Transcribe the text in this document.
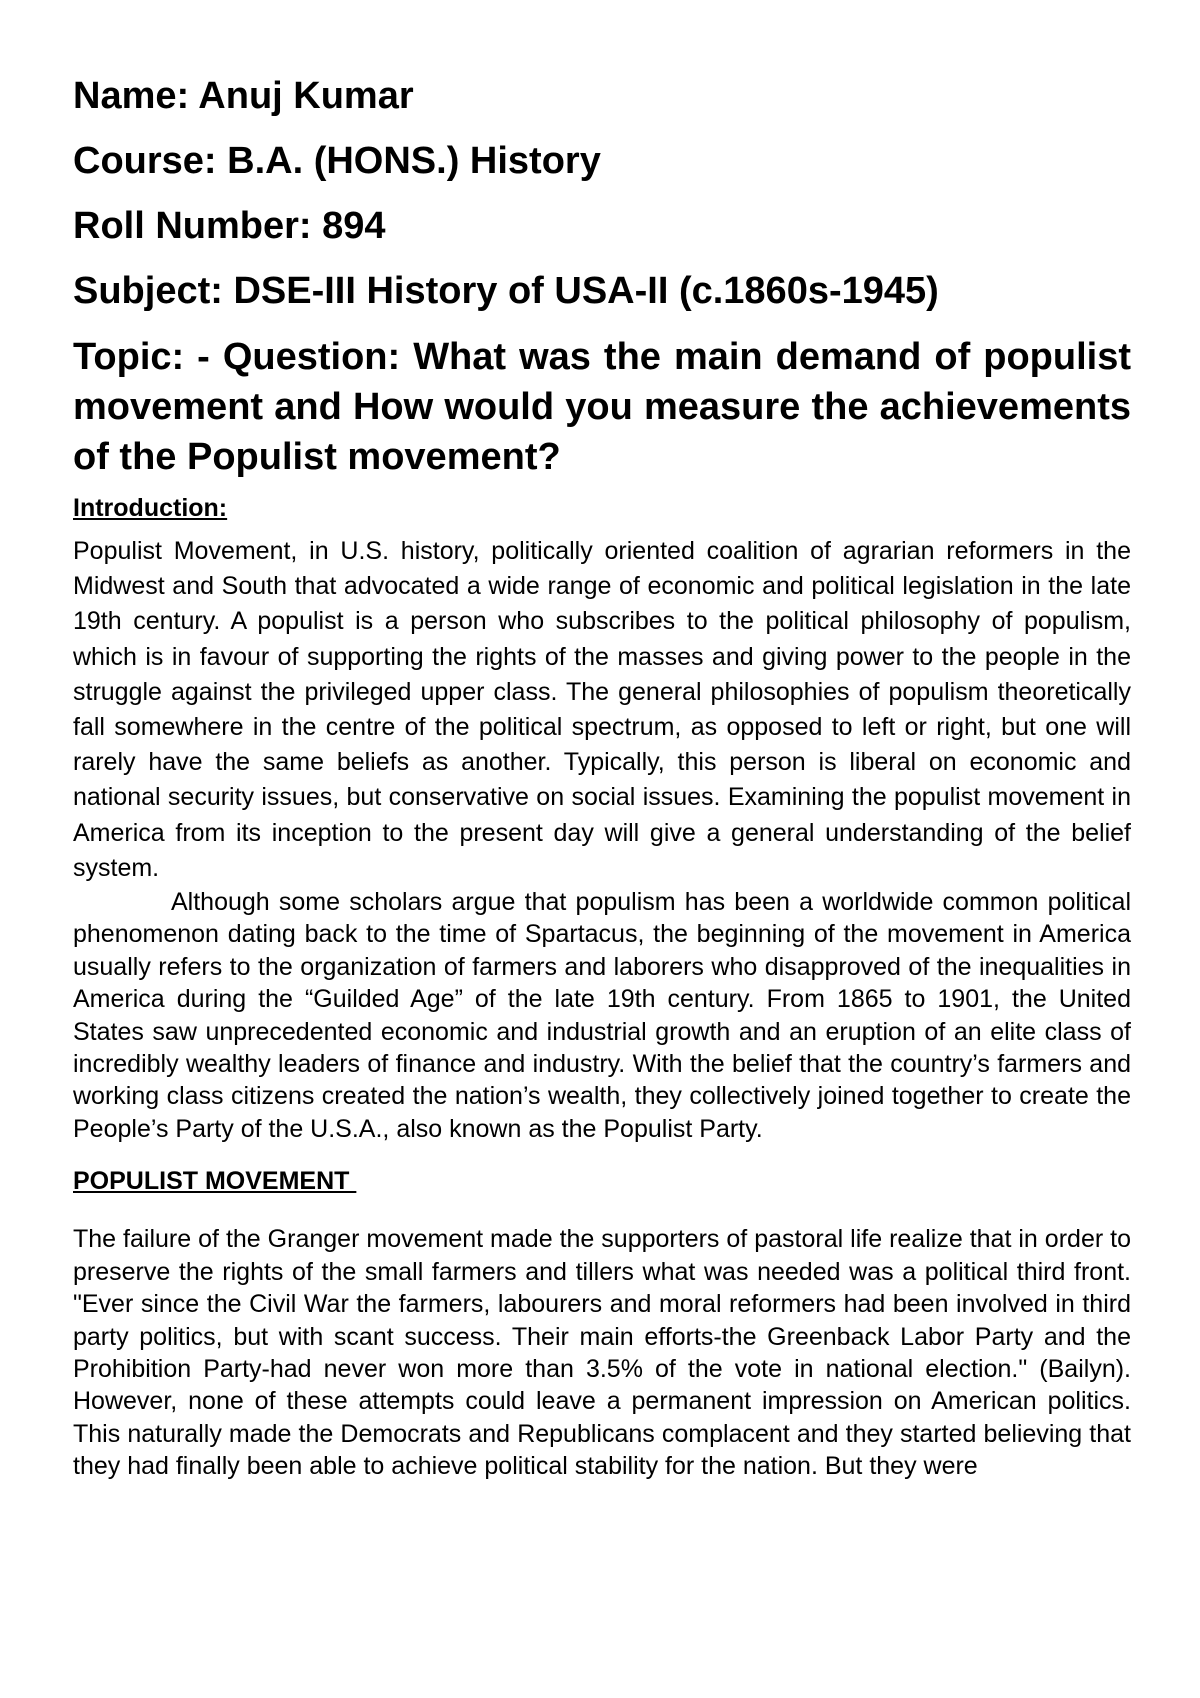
Name: Anuj Kumar

Course: B.A. (HONS.) History

Roll Number: 894

Subject: DSE-III History of USA-II (c.1860s-1945)

Topic: - Question: What was the main demand of populist movement and How would you measure the achievements of the Populist movement?

Introduction:

Populist Movement, in U.S. history, politically oriented coalition of agrarian reformers in the Midwest and South that advocated a wide range of economic and political legislation in the late 19th century. A populist is a person who subscribes to the political philosophy of populism, which is in favour of supporting the rights of the masses and giving power to the people in the struggle against the privileged upper class. The general philosophies of populism theoretically fall somewhere in the centre of the political spectrum, as opposed to left or right, but one will rarely have the same beliefs as another. Typically, this person is liberal on economic and national security issues, but conservative on social issues. Examining the populist movement in America from its inception to the present day will give a general understanding of the belief system.

Although some scholars argue that populism has been a worldwide common political phenomenon dating back to the time of Spartacus, the beginning of the movement in America usually refers to the organization of farmers and laborers who disapproved of the inequalities in America during the “Guilded Age” of the late 19th century. From 1865 to 1901, the United States saw unprecedented economic and industrial growth and an eruption of an elite class of incredibly wealthy leaders of finance and industry. With the belief that the country’s farmers and working class citizens created the nation’s wealth, they collectively joined together to create the People’s Party of the U.S.A., also known as the Populist Party.

POPULIST MOVEMENT

The failure of the Granger movement made the supporters of pastoral life realize that in order to preserve the rights of the small farmers and tillers what was needed was a political third front. "Ever since the Civil War the farmers, labourers and moral reformers had been involved in third party politics, but with scant success. Their main efforts-the Greenback Labor Party and the Prohibition Party-had never won more than 3.5% of the vote in national election." (Bailyn). However, none of these attempts could leave a permanent impression on American politics. This naturally made the Democrats and Republicans complacent and they started believing that they had finally been able to achieve political stability for the nation. But they were
